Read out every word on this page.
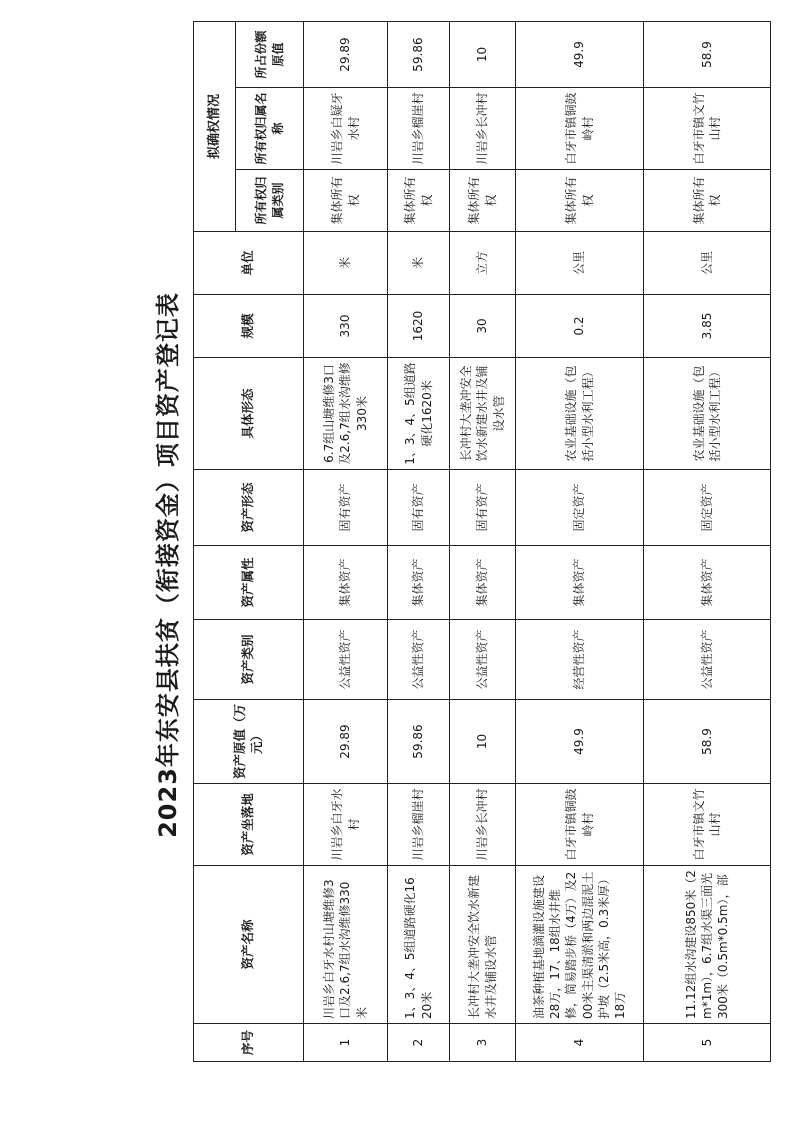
2023年东安县扶贫（衔接资金）项目资产登记表
序号	资产名称	资产坐落地	资产原值（万元）	资产类别	资产属性	资产形态	具体形态	规模	单位	拟确权情况		
										所有权归属类别	所有权归属名称	所占份额原值
1	川岩乡白牙水村山塘维修3口及2.6,7组水沟维修330米	川岩乡白牙水村	29.89	公益性资产	集体资产	固有资产	6.7组山塘维修3口及2.6,7组水沟维修330米	330	米	集体所有权	川岩乡白疑牙水村	29.89
2	1、3、4、5组道路硬化1620米	川岩乡榴崖村	59.86	公益性资产	集体资产	固有资产	1、3、4、5组道路硬化1620米	1620	米	集体所有权	川岩乡榴崖村	59.86
3	长冲村大垄冲安全饮水新建水井及铺设水管	川岩乡长冲村	10	公益性资产	集体资产	固有资产	长冲村大垄冲安全饮水新建水井及铺设水管	30	立方	集体所有权	川岩乡长冲村	10
4	油茶种植基地滴灌设施建设28万，17、18组水井维修，简易踏步桥（4万）及200米主渠清淤和两边混泥土护坡（2.5米高，0.3米厚）18万	白牙市镇铜鼓岭村	49.9	经营性资产	集体资产	固定资产	农业基础设施（包括小型水利工程）	0.2	公里	集体所有权	白牙市镇铜鼓岭村	49.9
5	11.12组水沟建设850米（2m*1m），6.7组水渠三面光300米（0.5m*0.5m），部	白牙市镇文竹山村	58.9	公益性资产	集体资产	固定资产	农业基础设施（包括小型水利工程）	3.85	公里	集体所有权	白牙市镇文竹山村	58.9
